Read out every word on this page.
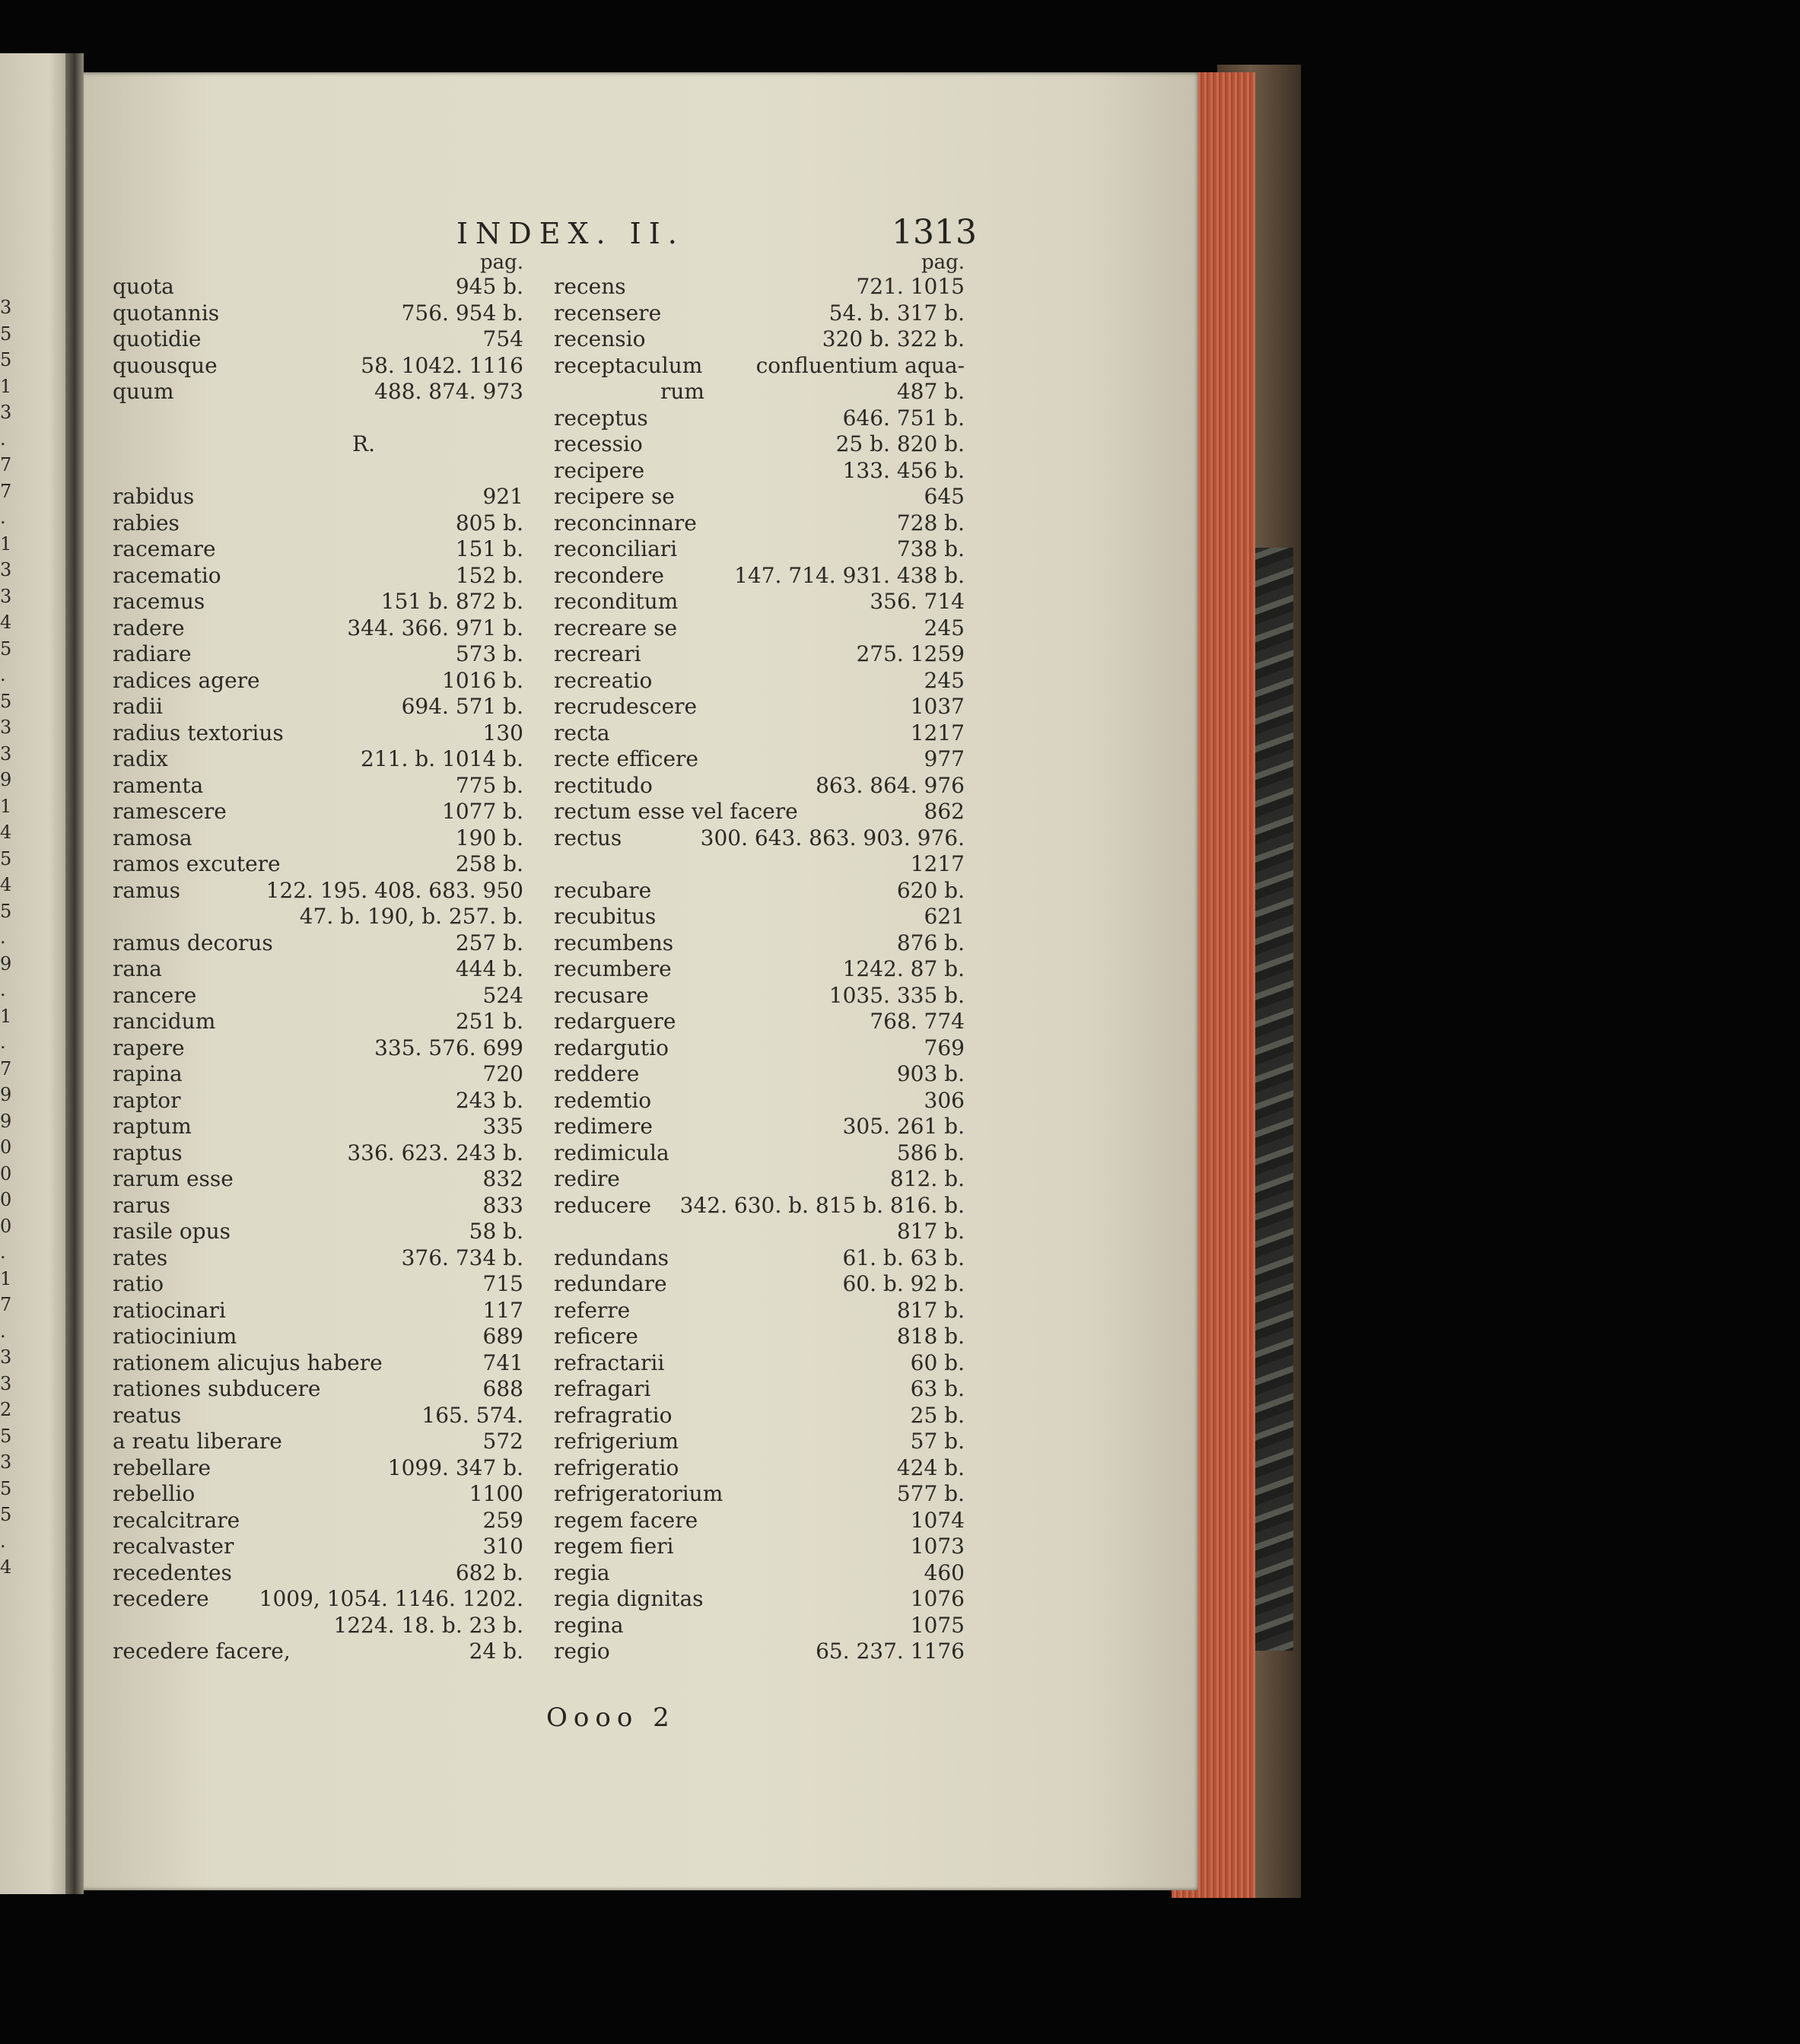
3
5
5
1
3
.
7
7
.
1
3
3
4
5
.
5
3
3
9
1
4
5
4
5
.
9
.
1
.
7
9
9
0
0
0
0
.
1
7
.
3
3
2
5
3
5
5
.
4
INDEX. II.	1313
pag.
quota	945 b.
quotannis	756. 954 b.
quotidie	754
quousque	58. 1042. 1116
quum	488. 874. 973
R.
rabidus	921
rabies	805 b.
racemare	151 b.
racematio	152 b.
racemus	151 b. 872 b.
radere	344. 366. 971 b.
radiare	573 b.
radices agere	1016 b.
radii	694. 571 b.
radius textorius	130
radix	211. b. 1014 b.
ramenta	775 b.
ramescere	1077 b.
ramosa	190 b.
ramos excutere	258 b.
ramus	122. 195. 408. 683. 950
47. b. 190, b. 257. b.
ramus decorus	257 b.
rana	444 b.
rancere	524
rancidum	251 b.
rapere	335. 576. 699
rapina	720
raptor	243 b.
raptum	335
raptus	336. 623. 243 b.
rarum esse	832
rarus	833
rasile opus	58 b.
rates	376. 734 b.
ratio	715
ratiocinari	117
ratiocinium	689
rationem alicujus habere	741
rationes subducere	688
reatus	165. 574.
a reatu liberare	572
rebellare	1099. 347 b.
rebellio	1100
recalcitrare	259
recalvaster	310
recedentes	682 b.
recedere 1009, 1054. 1146. 1202.
1224. 18. b. 23 b.
recedere facere,	24 b.
pag.
recens	721. 1015
recensere	54. b. 317 b.
recensio	320 b. 322 b.
receptaculum	confluentium aqua-
rum	487 b.
receptus	646. 751 b.
recessio	25 b. 820 b.
recipere	133. 456 b.
recipere se	645
reconcinnare	728 b.
reconciliari	738 b.
recondere	147. 714. 931. 438 b.
reconditum	356. 714
recreare se	245
recreari	275. 1259
recreatio	245
recrudescere	1037
recta	1217
recte efficere	977
rectitudo	863. 864. 976
rectum esse vel facere	862
rectus	300. 643. 863. 903. 976.
1217
recubare	620 b.
recubitus	621
recumbens	876 b.
recumbere	1242. 87 b.
recusare	1035. 335 b.
redarguere	768. 774
redargutio	769
reddere	903 b.
redemtio	306
redimere	305. 261 b.
redimicula	586 b.
redire	812. b.
reducere 342. 630. b. 815 b. 816. b.
817 b.
redundans	61. b. 63 b.
redundare	60. b. 92 b.
referre	817 b.
reficere	818 b.
refractarii	60 b.
refragari	63 b.
refragratio	25 b.
refrigerium	57 b.
refrigeratio	424 b.
refrigeratorium	577 b.
regem facere	1074
regem fieri	1073
regia	460
regia dignitas	1076
regina	1075
regio	65. 237. 1176
Oooo 2
